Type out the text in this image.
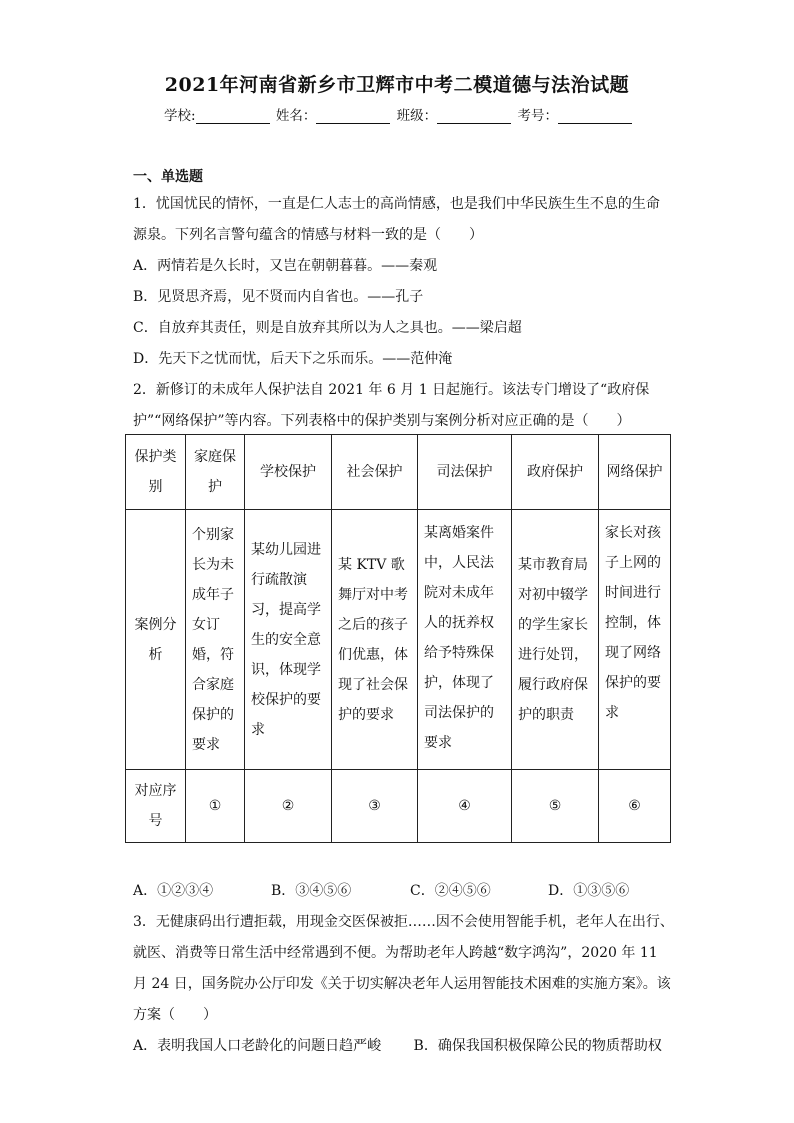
2021年河南省新乡市卫辉市中考二模道德与法治试题
学校:	姓名：	班级：	考号：
一、单选题
1．忧国忧民的情怀，一直是仁人志士的高尚情感，也是我们中华民族生生不息的生命
源泉。下列名言警句蕴含的情感与材料一致的是（　　）
A．两情若是久长时，又岂在朝朝暮暮。——秦观
B．见贤思齐焉，见不贤而内自省也。——孔子
C．自放弃其责任，则是自放弃其所以为人之具也。——梁启超
D．先天下之忧而忧，后天下之乐而乐。——范仲淹
2．新修订的未成年人保护法自 2021 年 6 月 1 日起施行。该法专门增设了“政府保
护”“网络保护”等内容。下列表格中的保护类别与案例分析对应正确的是（　　）
保护类别	家庭保护	学校保护	社会保护	司法保护	政府保护	网络保护
案例分析	个别家长为未成年子女订婚，符合家庭保护的要求	某幼儿园进行疏散演习，提高学生的安全意识，体现学校保护的要求	某 KTV 歌舞厅对中考之后的孩子们优惠，体现了社会保护的要求	某离婚案件中，人民法院对未成年人的抚养权给予特殊保护，体现了司法保护的要求	某市教育局对初中辍学的学生家长进行处罚，履行政府保护的职责	家长对孩子上网的时间进行控制，体现了网络保护的要求
对应序号	①	②	③	④	⑤	⑥
A．①②③④	B．③④⑤⑥	C．②④⑤⑥	D．①③⑤⑥
3．无健康码出行遭拒载，用现金交医保被拒……因不会使用智能手机，老年人在出行、
就医、消费等日常生活中经常遇到不便。为帮助老年人跨越“数字鸿沟”，2020 年 11
月 24 日，国务院办公厅印发《关于切实解决老年人运用智能技术困难的实施方案》。该
方案（　　）
A．表明我国人口老龄化的问题日趋严峻　　 B．确保我国积极保障公民的物质帮助权
